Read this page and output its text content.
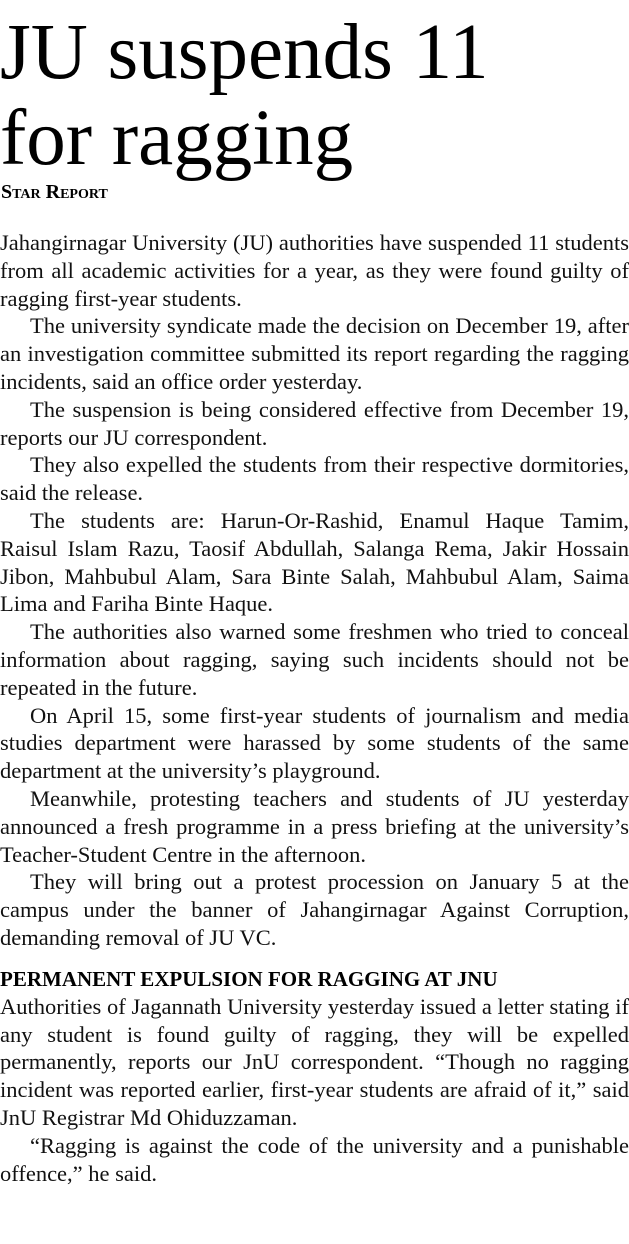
JU suspends 11
for ragging
Star Report

Jahangirnagar University (JU) authorities have suspended 11 students from all academic activities for a year, as they were found guilty of ragging first-year students.

The university syndicate made the decision on December 19, after an investigation committee submitted its report regarding the ragging incidents, said an office order yesterday.

The suspension is being considered effective from December 19, reports our JU correspondent.

They also expelled the students from their respective dormitories, said the release.

The students are: Harun-Or-Rashid, Enamul Haque Tamim, Raisul Islam Razu, Taosif Abdullah, Salanga Rema, Jakir Hossain Jibon, Mahbubul Alam, Sara Binte Salah, Mahbubul Alam, Saima Lima and Fariha Binte Haque.

The authorities also warned some freshmen who tried to conceal information about ragging, saying such incidents should not be repeated in the future.

On April 15, some first-year students of journalism and media studies department were harassed by some students of the same department at the university’s playground.

Meanwhile, protesting teachers and students of JU yesterday announced a fresh programme in a press briefing at the university’s Teacher-Student Centre in the afternoon.

They will bring out a protest procession on January 5 at the campus under the banner of Jahangirnagar Against Corruption, demanding removal of JU VC.

PERMANENT EXPULSION FOR RAGGING AT JNU

Authorities of Jagannath University yesterday issued a letter stating if any student is found guilty of ragging, they will be expelled permanently, reports our JnU correspondent. “Though no ragging incident was reported earlier, first-year students are afraid of it,” said JnU Registrar Md Ohiduzzaman.

“Ragging is against the code of the university and a punishable offence,” he said.
